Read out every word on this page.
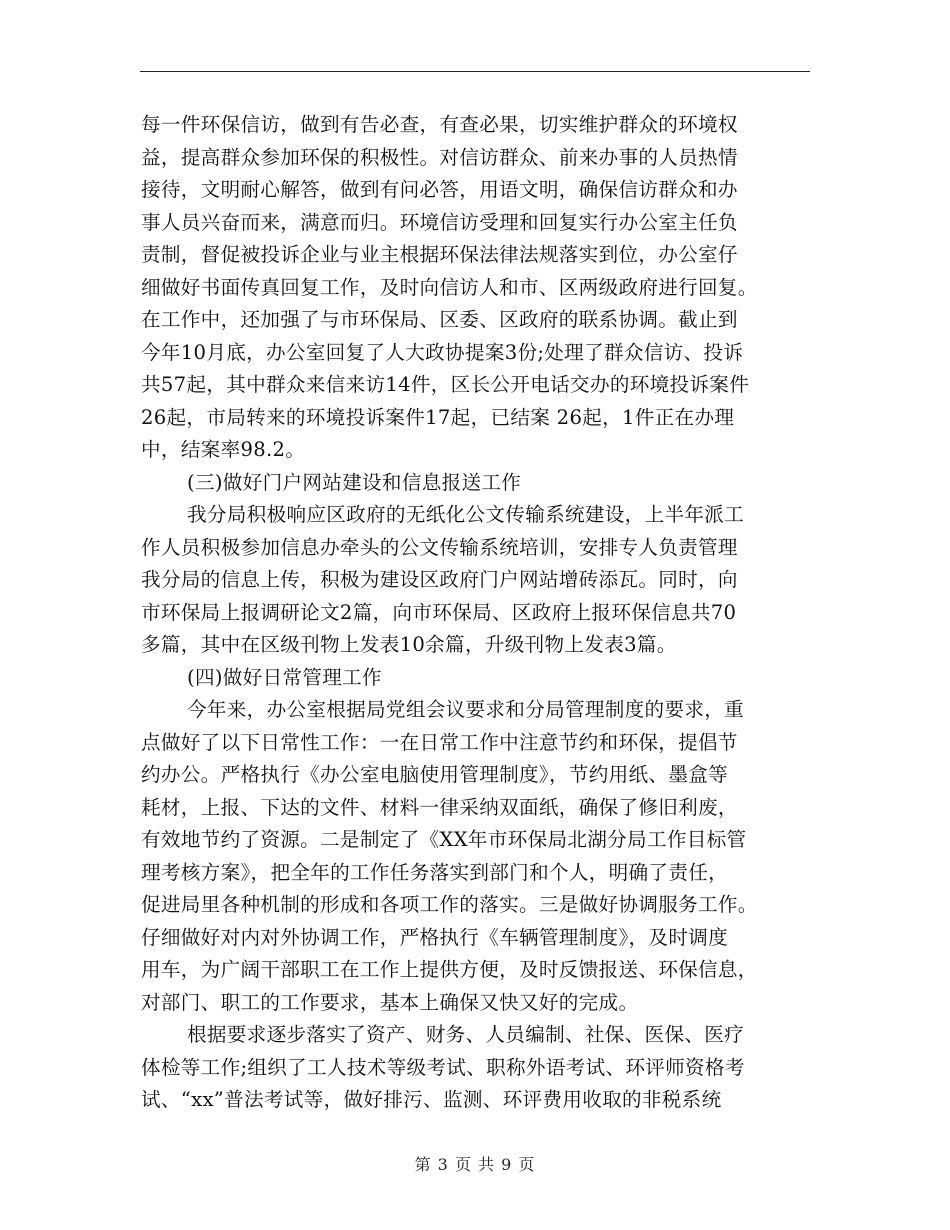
每一件环保信访，做到有告必查，有查必果，切实维护群众的环境权
益，提高群众参加环保的积极性。对信访群众、前来办事的人员热情
接待，文明耐心解答，做到有问必答，用语文明，确保信访群众和办
事人员兴奋而来，满意而归。环境信访受理和回复实行办公室主任负
责制，督促被投诉企业与业主根据环保法律法规落实到位，办公室仔
细做好书面传真回复工作，及时向信访人和市、区两级政府进行回复。
在工作中，还加强了与市环保局、区委、区政府的联系协调。截止到
今年10月底，办公室回复了人大政协提案3份;处理了群众信访、投诉
共57起，其中群众来信来访14件，区长公开电话交办的环境投诉案件
26起，市局转来的环境投诉案件17起，已结案 26起，1件正在办理
中，结案率98.2。
(三)做好门户网站建设和信息报送工作
我分局积极响应区政府的无纸化公文传输系统建设，上半年派工
作人员积极参加信息办牵头的公文传输系统培训，安排专人负责管理
我分局的信息上传，积极为建设区政府门户网站增砖添瓦。同时，向
市环保局上报调研论文2篇，向市环保局、区政府上报环保信息共70
多篇，其中在区级刊物上发表10余篇，升级刊物上发表3篇。
(四)做好日常管理工作
今年来，办公室根据局党组会议要求和分局管理制度的要求，重
点做好了以下日常性工作：一在日常工作中注意节约和环保，提倡节
约办公。严格执行《办公室电脑使用管理制度》，节约用纸、墨盒等
耗材，上报、下达的文件、材料一律采纳双面纸，确保了修旧利废，
有效地节约了资源。二是制定了《XX年市环保局北湖分局工作目标管
理考核方案》，把全年的工作任务落实到部门和个人，明确了责任，
促进局里各种机制的形成和各项工作的落实。三是做好协调服务工作。
仔细做好对内对外协调工作，严格执行《车辆管理制度》，及时调度
用车，为广阔干部职工在工作上提供方便，及时反馈报送、环保信息，
对部门、职工的工作要求，基本上确保又快又好的完成。
根据要求逐步落实了资产、财务、人员编制、社保、医保、医疗
体检等工作;组织了工人技术等级考试、职称外语考试、环评师资格考
试、“xx”普法考试等，做好排污、监测、环评费用收取的非税系统
第 3 页 共 9 页
